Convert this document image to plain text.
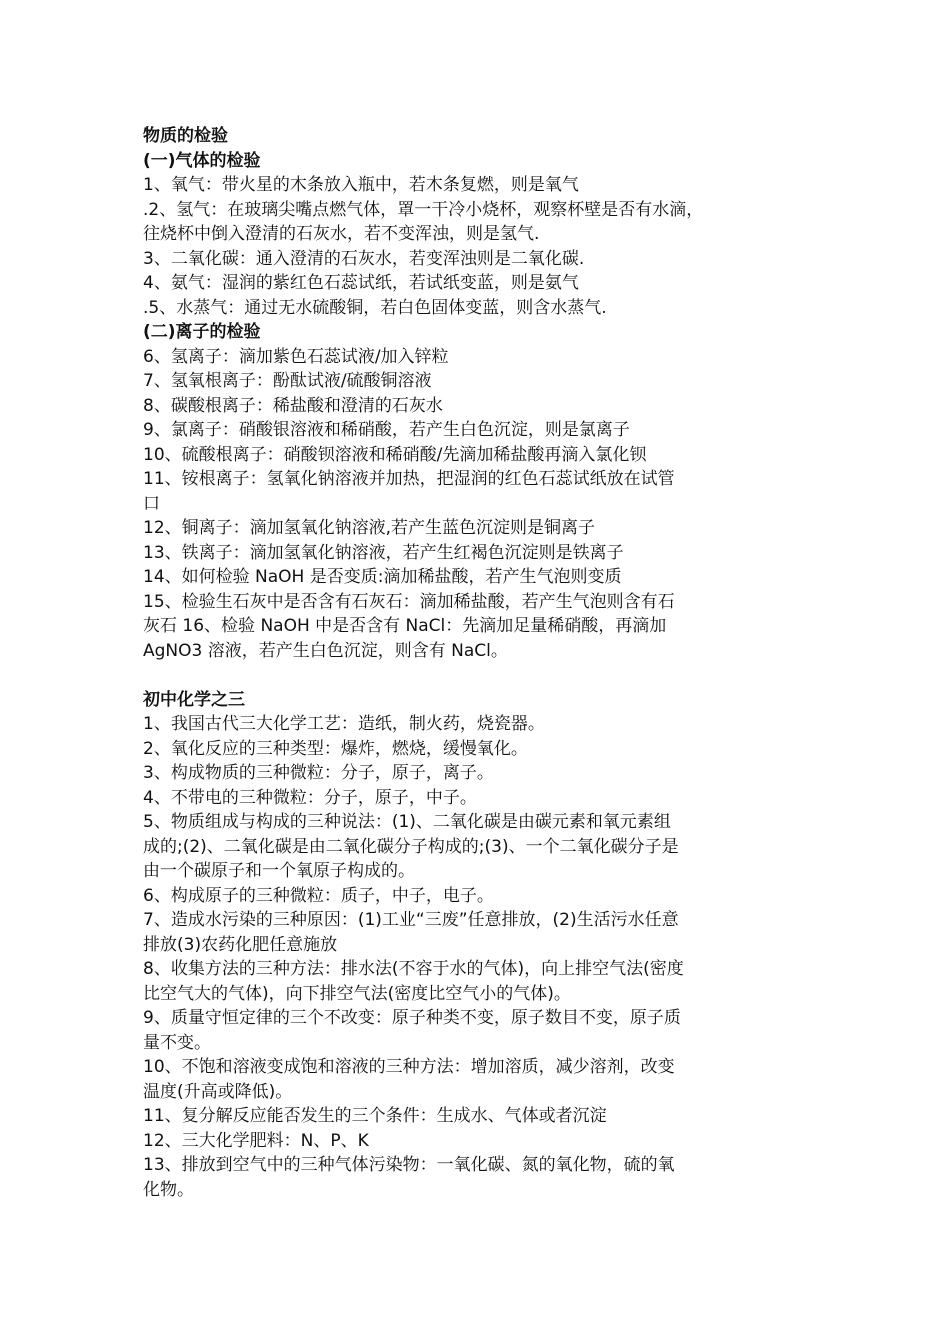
物质的检验

(一)气体的检验

1、氧气：带火星的木条放入瓶中，若木条复燃，则是氧气

.2、氢气：在玻璃尖嘴点燃气体，罩一干冷小烧杯，观察杯壁是否有水滴，

往烧杯中倒入澄清的石灰水，若不变浑浊，则是氢气.

3、二氧化碳：通入澄清的石灰水，若变浑浊则是二氧化碳.

4、氨气：湿润的紫红色石蕊试纸，若试纸变蓝，则是氨气

.5、水蒸气：通过无水硫酸铜，若白色固体变蓝，则含水蒸气.

(二)离子的检验

6、氢离子：滴加紫色石蕊试液/加入锌粒

7、氢氧根离子：酚酞试液/硫酸铜溶液

8、碳酸根离子：稀盐酸和澄清的石灰水

9、氯离子：硝酸银溶液和稀硝酸，若产生白色沉淀，则是氯离子

10、硫酸根离子：硝酸钡溶液和稀硝酸/先滴加稀盐酸再滴入氯化钡

11、铵根离子：氢氧化钠溶液并加热，把湿润的红色石蕊试纸放在试管

口

12、铜离子：滴加氢氧化钠溶液,若产生蓝色沉淀则是铜离子

13、铁离子：滴加氢氧化钠溶液，若产生红褐色沉淀则是铁离子

14、如何检验 NaOH 是否变质:滴加稀盐酸，若产生气泡则变质

15、检验生石灰中是否含有石灰石：滴加稀盐酸，若产生气泡则含有石

灰石 16、检验 NaOH 中是否含有 NaCl：先滴加足量稀硝酸，再滴加

AgNO3 溶液，若产生白色沉淀，则含有 NaCl。

初中化学之三

1、我国古代三大化学工艺：造纸，制火药，烧瓷器。

2、氧化反应的三种类型：爆炸，燃烧，缓慢氧化。

3、构成物质的三种微粒：分子，原子，离子。

4、不带电的三种微粒：分子，原子，中子。

5、物质组成与构成的三种说法：(1)、二氧化碳是由碳元素和氧元素组

成的;(2)、二氧化碳是由二氧化碳分子构成的;(3)、一个二氧化碳分子是

由一个碳原子和一个氧原子构成的。

6、构成原子的三种微粒：质子，中子，电子。

7、造成水污染的三种原因：(1)工业“三废”任意排放，(2)生活污水任意

排放(3)农药化肥任意施放

8、收集方法的三种方法：排水法(不容于水的气体)，向上排空气法(密度

比空气大的气体)，向下排空气法(密度比空气小的气体)。

9、质量守恒定律的三个不改变：原子种类不变，原子数目不变，原子质

量不变。

10、不饱和溶液变成饱和溶液的三种方法：增加溶质，减少溶剂，改变

温度(升高或降低)。

11、复分解反应能否发生的三个条件：生成水、气体或者沉淀

12、三大化学肥料：N、P、K

13、排放到空气中的三种气体污染物：一氧化碳、氮的氧化物，硫的氧

化物。
